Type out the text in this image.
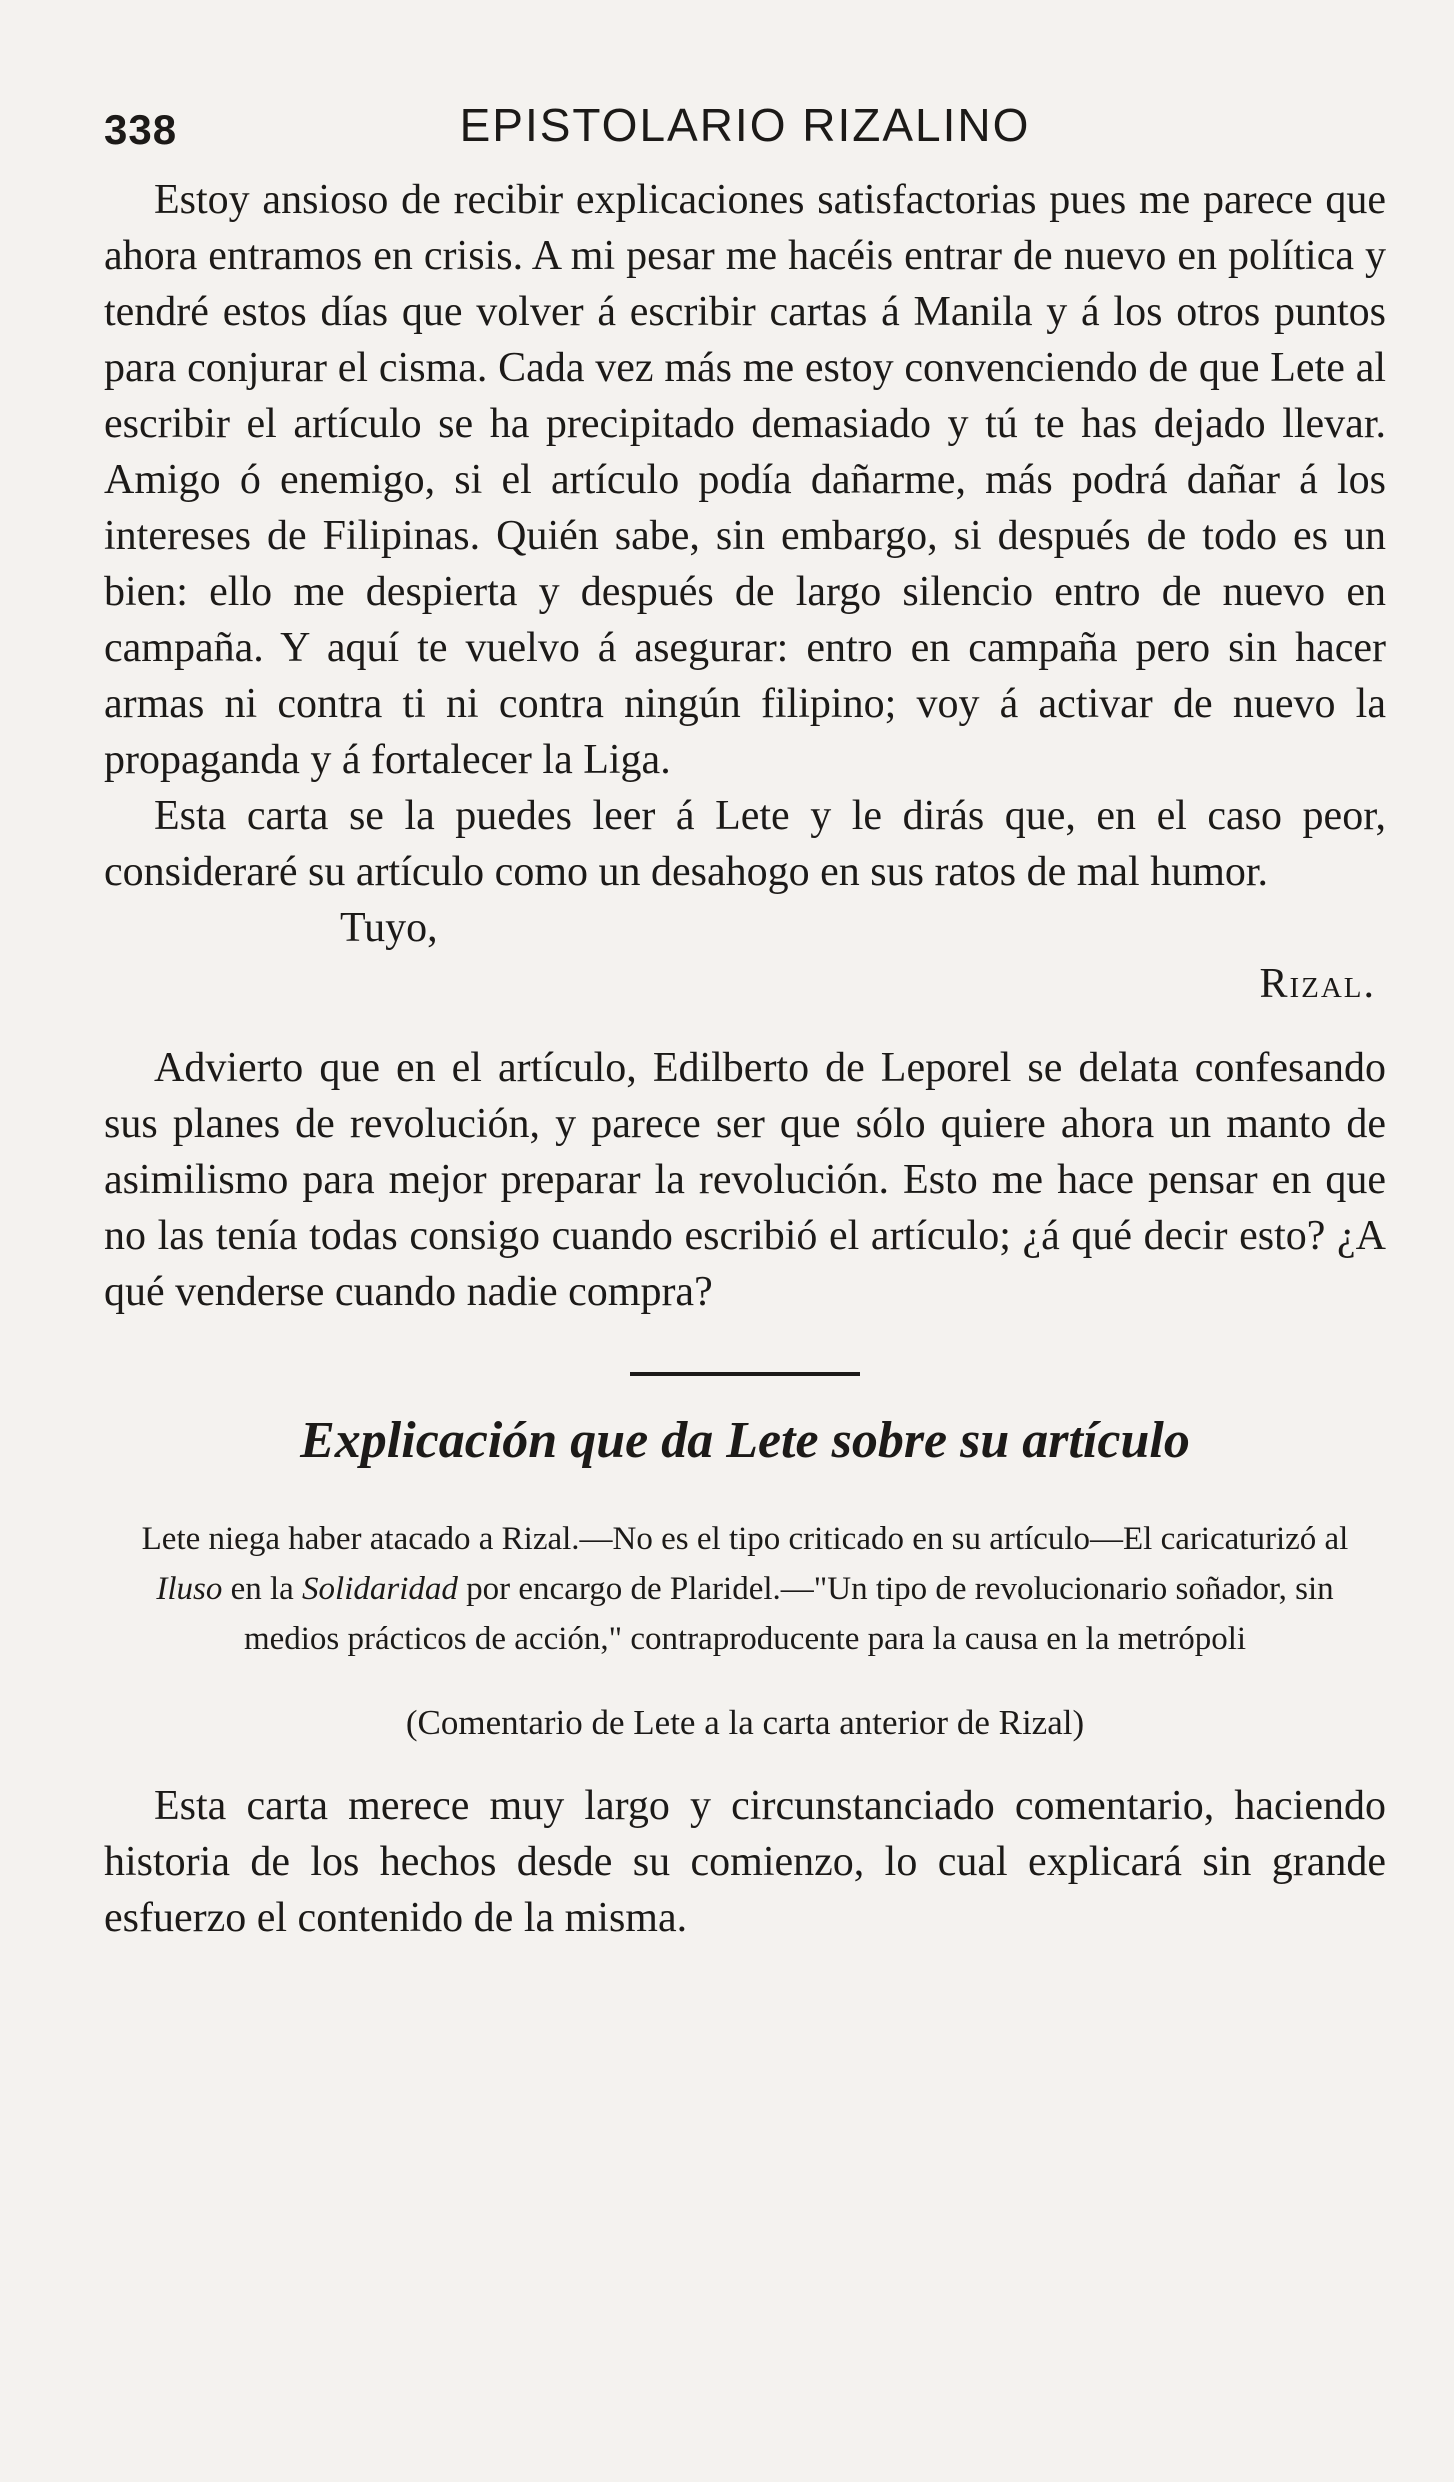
338	EPISTOLARIO RIZALINO

Estoy ansioso de recibir explicaciones satisfactorias pues me parece que ahora entramos en crisis. A mi pesar me hacéis entrar de nuevo en política y tendré estos días que volver á escribir cartas á Manila y á los otros puntos para conjurar el cisma. Cada vez más me estoy convenciendo de que Lete al escribir el artículo se ha precipitado demasiado y tú te has dejado llevar. Amigo ó enemigo, si el artículo podía dañarme, más podrá dañar á los intereses de Filipinas. Quién sabe, sin embargo, si después de todo es un bien: ello me despierta y después de largo silencio entro de nuevo en campaña. Y aquí te vuelvo á asegurar: entro en campaña pero sin hacer armas ni contra ti ni contra ningún filipino; voy á activar de nuevo la propaganda y á fortalecer la Liga.

Esta carta se la puedes leer á Lete y le dirás que, en el caso peor, consideraré su artículo como un desahogo en sus ratos de mal humor.

Tuyo,

Rizal.

Advierto que en el artículo, Edilberto de Leporel se delata confesando sus planes de revolución, y parece ser que sólo quiere ahora un manto de asimilismo para mejor preparar la revolución. Esto me hace pensar en que no las tenía todas consigo cuando escribió el artículo; ¿á qué decir esto? ¿A qué venderse cuando nadie compra?

Explicación que da Lete sobre su artículo

Lete niega haber atacado a Rizal.—No es el tipo criticado en su artículo—El caricaturizó al Iluso en la Solidaridad por encargo de Plaridel.—"Un tipo de revolucionario soñador, sin medios prácticos de acción," contraproducente para la causa en la metrópoli

(Comentario de Lete a la carta anterior de Rizal)

Esta carta merece muy largo y circunstanciado comentario, haciendo historia de los hechos desde su comienzo, lo cual explicará sin grande esfuerzo el contenido de la misma.
